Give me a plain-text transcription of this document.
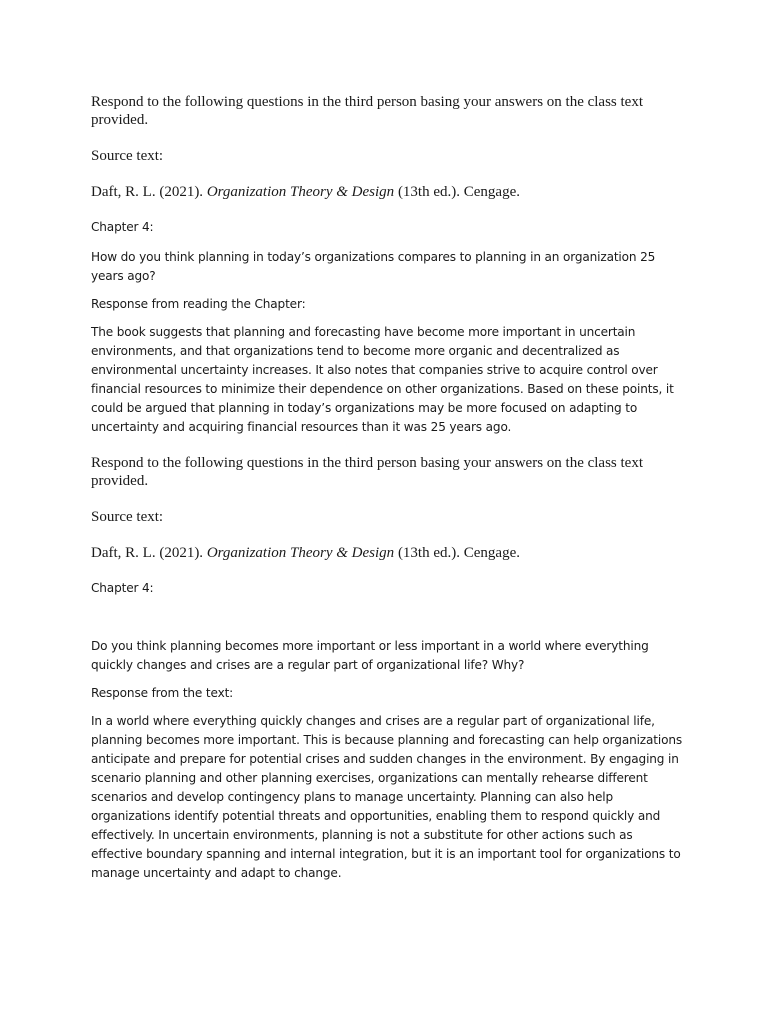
Respond to the following questions in the third person basing your answers on the class text provided.

Source text:

Daft, R. L. (2021). Organization Theory & Design (13th ed.). Cengage.

Chapter 4:

How do you think planning in today’s organizations compares to planning in an organization 25 years ago?

Response from reading the Chapter:

The book suggests that planning and forecasting have become more important in uncertain environments, and that organizations tend to become more organic and decentralized as environmental uncertainty increases. It also notes that companies strive to acquire control over financial resources to minimize their dependence on other organizations. Based on these points, it could be argued that planning in today’s organizations may be more focused on adapting to uncertainty and acquiring financial resources than it was 25 years ago.

Respond to the following questions in the third person basing your answers on the class text provided.

Source text:

Daft, R. L. (2021). Organization Theory & Design (13th ed.). Cengage.

Chapter 4:

Do you think planning becomes more important or less important in a world where everything quickly changes and crises are a regular part of organizational life? Why?

Response from the text:

In a world where everything quickly changes and crises are a regular part of organizational life, planning becomes more important. This is because planning and forecasting can help organizations anticipate and prepare for potential crises and sudden changes in the environment. By engaging in scenario planning and other planning exercises, organizations can mentally rehearse different scenarios and develop contingency plans to manage uncertainty. Planning can also help organizations identify potential threats and opportunities, enabling them to respond quickly and effectively. In uncertain environments, planning is not a substitute for other actions such as effective boundary spanning and internal integration, but it is an important tool for organizations to manage uncertainty and adapt to change.
